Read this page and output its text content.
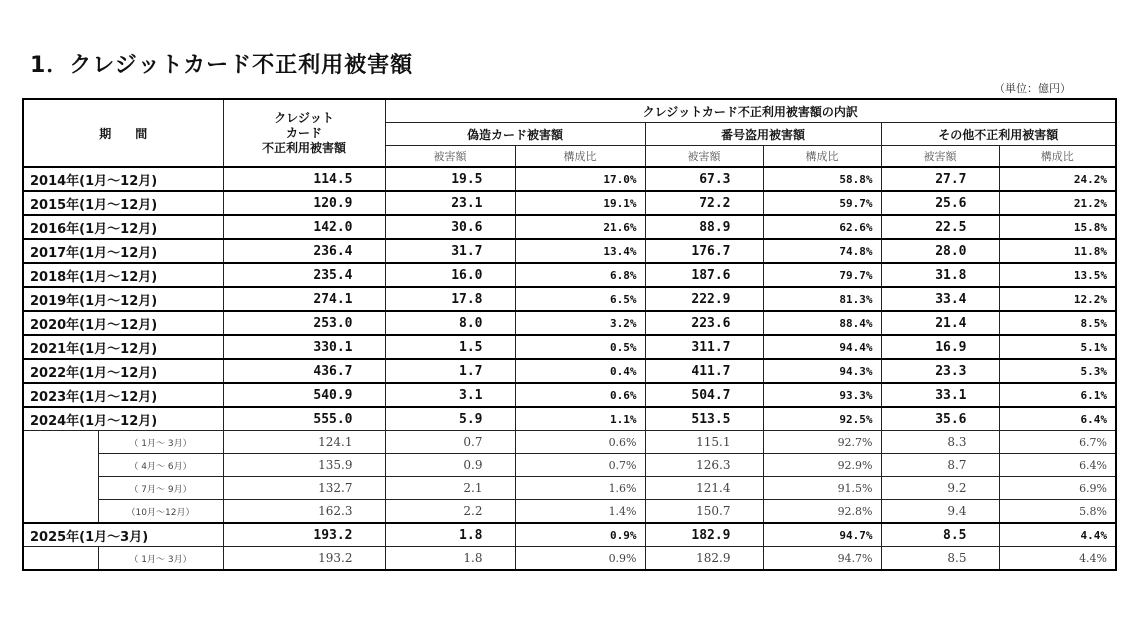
1．クレジットカード不正利用被害額
（単位：億円）
期　　間		クレジット
カード
不正利用被害額	クレジットカード不正利用被害額の内訳					
			偽造カード被害額		番号盗用被害額		その他不正利用被害額	
			被害額	構成比	被害額	構成比	被害額	構成比
2014年(1月～12月)		114.5	19.5	17.0%	67.3	58.8%	27.7	24.2%
2015年(1月～12月)		120.9	23.1	19.1%	72.2	59.7%	25.6	21.2%
2016年(1月～12月)		142.0	30.6	21.6%	88.9	62.6%	22.5	15.8%
2017年(1月～12月)		236.4	31.7	13.4%	176.7	74.8%	28.0	11.8%
2018年(1月～12月)		235.4	16.0	6.8%	187.6	79.7%	31.8	13.5%
2019年(1月～12月)		274.1	17.8	6.5%	222.9	81.3%	33.4	12.2%
2020年(1月～12月)		253.0	8.0	3.2%	223.6	88.4%	21.4	8.5%
2021年(1月～12月)		330.1	1.5	0.5%	311.7	94.4%	16.9	5.1%
2022年(1月～12月)		436.7	1.7	0.4%	411.7	94.3%	23.3	5.3%
2023年(1月～12月)		540.9	3.1	0.6%	504.7	93.3%	33.1	6.1%
2024年(1月～12月)		555.0	5.9	1.1%	513.5	92.5%	35.6	6.4%
	（ 1月～ 3月）	124.1	0.7	0.6%	115.1	92.7%	8.3	6.7%
	（ 4月～ 6月）	135.9	0.9	0.7%	126.3	92.9%	8.7	6.4%
	（ 7月～ 9月）	132.7	2.1	1.6%	121.4	91.5%	9.2	6.9%
	（10月～12月）	162.3	2.2	1.4%	150.7	92.8%	9.4	5.8%
2025年(1月～3月)		193.2	1.8	0.9%	182.9	94.7%	8.5	4.4%
	（ 1月～ 3月）	193.2	1.8	0.9%	182.9	94.7%	8.5	4.4%
